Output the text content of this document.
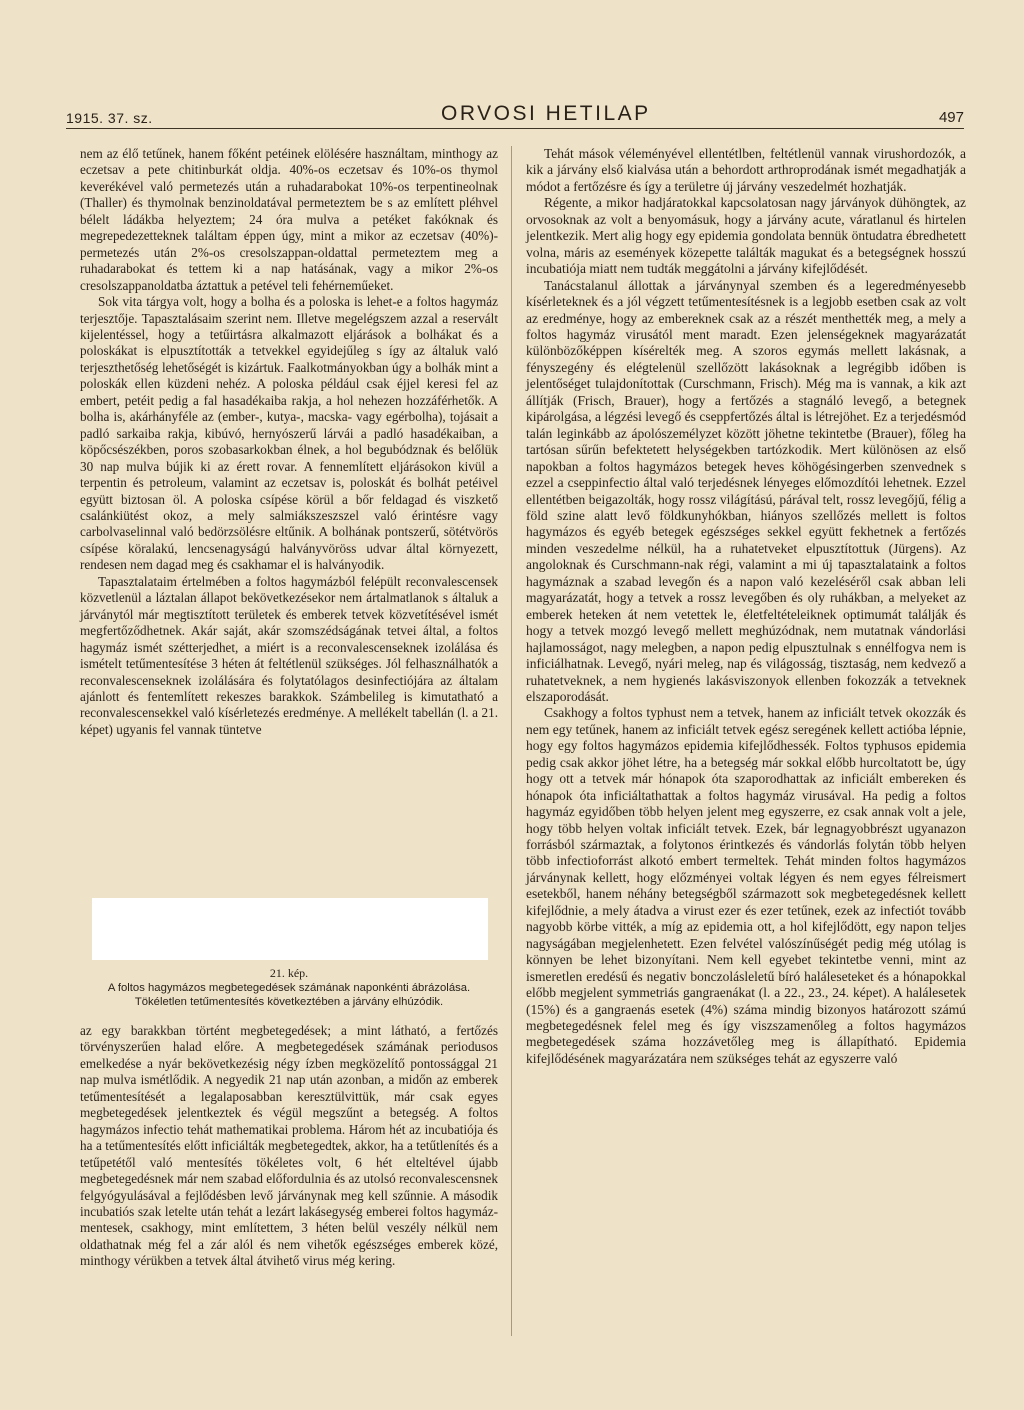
1915. 37. sz.	ORVOSI HETILAP	497

nem az élő tetűnek, hanem főként petéinek elölésére használtam, minthogy az eczetsav a pete chitinburkát oldja. 40%-os eczetsav és 10%-os thymol keverékével való permetezés után a ruhadarabokat 10%-os terpentineolnak (Thaller) és thymolnak benzinoldatával permeteztem be s az említett pléhvel bélelt ládákba helyeztem; 24 óra mulva a petéket fakóknak és megrepedezetteknek találtam éppen úgy, mint a mikor az eczetsav (40%)-permetezés után 2%-os cresolszappan-oldattal permeteztem meg a ruhadarabokat és tettem ki a nap hatásának, vagy a mikor 2%-os cresolszappanoldatba áztattuk a petével teli fehérneműeket.

Sok vita tárgya volt, hogy a bolha és a poloska is lehet-e a foltos hagymáz terjesztője. Tapasztalásaim szerint nem. Illetve megelégszem azzal a reservált kijelentéssel, hogy a tetűirtásra alkalmazott eljárások a bolhákat és a poloskákat is elpusztították a tetvekkel egyidejűleg s így az általuk való terjeszthetőség lehetőségét is kizártuk. Faalkotmányokban úgy a bolhák mint a poloskák ellen küzdeni nehéz. A poloska például csak éjjel keresi fel az embert, petéit pedig a fal hasadékaiba rakja, a hol nehezen hozzáférhetők. A bolha is, akárhányféle az (ember-, kutya-, macska- vagy egérbolha), tojásait a padló sarkaiba rakja, kibúvó, hernyószerű lárvái a padló hasadékaiban, a köpőcsészékben, poros szobasarkokban élnek, a hol begubódznak és belőlük 30 nap mulva bújik ki az érett rovar. A fennemlített eljárásokon kivül a terpentin és petroleum, valamint az eczetsav is, poloskát és bolhát petéivel együtt biztosan öl. A poloska csípése körül a bőr feldagad és viszkető csalánkiütést okoz, a mely salmiákszeszszel való érintésre vagy carbolvaselinnal való bedörzsölésre eltűnik. A bolhának pontszerű, sötétvörös csípése köralakú, lencsenagyságú halványvöröss udvar által környezett, rendesen nem dagad meg és csakhamar el is halványodik.

Tapasztalataim értelmében a foltos hagymázból felépült reconvalescensek közvetlenül a láztalan állapot bekövetkezésekor nem ártalmatlanok s általuk a járványtól már megtisztított területek és emberek tetvek közvetítésével ismét megfertőződhetnek. Akár saját, akár szomszédságának tetvei által, a foltos hagymáz ismét szétterjedhet, a miért is a reconvalescenseknek izolálása és ismételt tetűmentesítése 3 héten át feltétlenül szükséges. Jól felhasználhatók a reconvalescenseknek izolálására és folytatólagos desinfectiójára az általam ajánlott és fentemlített rekeszes barakkok. Számbelileg is kimutatható a reconvalescensekkel való kísérletezés eredménye. A mellékelt tabellán (l. a 21. képet) ugyanis fel vannak tüntetve

21. kép.
A foltos hagymázos megbetegedések számának naponkénti ábrázolása.
Tökéletlen tetűmentesítés következtében a járvány elhúzódik.

az egy barakkban történt megbetegedések; a mint látható, a fertőzés törvényszerűen halad előre. A megbetegedések számának periodusos emelkedése a nyár bekövetkezésig négy ízben megközelítő pontossággal 21 nap mulva ismétlődik. A negyedik 21 nap után azonban, a midőn az emberek tetűmentesítését a legalaposabban keresztülvittük, már csak egyes megbetegedések jelentkeztek és végül megszűnt a betegség. A foltos hagymázos infectio tehát mathematikai problema. Három hét az incubatiója és ha a tetűmentesítés előtt inficiálták megbetegedtek, akkor, ha a tetűtlenítés és a tetűpetétől való mentesítés tökéletes volt, 6 hét elteltével újabb megbetegedésnek már nem szabad előfordulnia és az utolsó reconvalescensnek felgyógyulásával a fejlődésben levő járványnak meg kell szűnnie. A második incubatiós szak letelte után tehát a lezárt lakásegység emberei foltos hagymáz-mentesek, csakhogy, mint említettem, 3 héten belül veszély nélkül nem oldathatnak még fel a zár alól és nem vihetők egészséges emberek közé, minthogy vérükben a tetvek által átvihető virus még kering.

Tehát mások véleményével ellentétlben, feltétlenül vannak virushordozók, a kik a járvány első kialvása után a behordott arthroprodának ismét megadhatják a módot a fertőzésre és így a területre új járvány veszedelmét hozhatják.

Régente, a mikor hadjáratokkal kapcsolatosan nagy járványok dühöngtek, az orvosoknak az volt a benyomásuk, hogy a járvány acute, váratlanul és hirtelen jelentkezik. Mert alig hogy egy epidemia gondolata bennük öntudatra ébredhetett volna, máris az események közepette találták magukat és a betegségnek hosszú incubatiója miatt nem tudták meggátolni a járvány kifejlődését.

Tanácstalanul állottak a járványnyal szemben és a legeredményesebb kísérleteknek és a jól végzett tetűmentesítésnek is a legjobb esetben csak az volt az eredménye, hogy az embereknek csak az a részét menthették meg, a mely a foltos hagymáz virusától ment maradt. Ezen jelenségeknek magyarázatát különbözőképpen kísérelték meg. A szoros egymás mellett lakásnak, a fényszegény és elégtelenül szellőzött lakásoknak a legrégibb időben is jelentőséget tulajdonítottak (Curschmann, Frisch). Még ma is vannak, a kik azt állítják (Frisch, Brauer), hogy a fertőzés a stagnáló levegő, a betegnek kipárolgása, a légzési levegő és cseppfertőzés által is létrejöhet. Ez a terjedésmód talán leginkább az ápolószemélyzet között jöhetne tekintetbe (Brauer), főleg ha tartósan sűrűn befektetett helységekben tartózkodik. Mert különösen az első napokban a foltos hagymázos betegek heves köhögésingerben szenvednek s ezzel a cseppinfectio által való terjedésnek lényeges előmozdítói lehetnek. Ezzel ellentétben beigazolták, hogy rossz világítású, párával telt, rossz levegőjű, félig a föld szine alatt levő földkunyhókban, hiányos szellőzés mellett is foltos hagymázos és egyéb betegek egészséges sekkel együtt fekhetnek a fertőzés minden veszedelme nélkül, ha a ruhatetveket elpusztítottuk (Jürgens). Az angoloknak és Curschmann-nak régi, valamint a mi új tapasztalataink a foltos hagymáznak a szabad levegőn és a napon való kezeléséről csak abban leli magyarázatát, hogy a tetvek a rossz levegőben és oly ruhákban, a melyeket az emberek heteken át nem vetettek le, életfeltételeiknek optimumát találják és hogy a tetvek mozgó levegő mellett meghúzódnak, nem mutatnak vándorlási hajlamosságot, nagy melegben, a napon pedig elpusztulnak s ennélfogva nem is inficiálhatnak. Levegő, nyári meleg, nap és világosság, tisztaság, nem kedvező a ruhatetveknek, a nem hygienés lakásviszonyok ellenben fokozzák a tetveknek elszaporodását.

Csakhogy a foltos typhust nem a tetvek, hanem az inficiált tetvek okozzák és nem egy tetűnek, hanem az inficiált tetvek egész seregének kellett actióba lépnie, hogy egy foltos hagymázos epidemia kifejlődhessék. Foltos typhusos epidemia pedig csak akkor jöhet létre, ha a betegség már sokkal előbb hurcoltatott be, úgy hogy ott a tetvek már hónapok óta szaporodhattak az inficiált embereken és hónapok óta inficiáltathattak a foltos hagymáz virusával. Ha pedig a foltos hagymáz egyidőben több helyen jelent meg egyszerre, ez csak annak volt a jele, hogy több helyen voltak inficiált tetvek. Ezek, bár legnagyobbrészt ugyanazon forrásból származtak, a folytonos érintkezés és vándorlás folytán több helyen több infectioforrást alkotó embert termeltek. Tehát minden foltos hagymázos járványnak kellett, hogy előzményei voltak légyen és nem egyes félreismert esetekből, hanem néhány betegségből származott sok megbetegedésnek kellett kifejlődnie, a mely átadva a virust ezer és ezer tetűnek, ezek az infectiót tovább nagyobb körbe vitték, a míg az epidemia ott, a hol kifejlődött, egy napon teljes nagyságában megjelenhetett. Ezen felvétel valószínűségét pedig még utólag is könnyen be lehet bizonyítani. Nem kell egyebet tekintetbe venni, mint az ismeretlen eredésű és negativ bonczolásleletű bíró haláleseteket és a hónapokkal előbb megjelent symmetriás gangraenákat (l. a 22., 23., 24. képet). A halálesetek (15%) és a gangraenás esetek (4%) száma mindig bizonyos határozott számú megbetegedésnek felel meg és így viszszamenőleg a foltos hagymázos megbetegedések száma hozzávetőleg meg is állapítható. Epidemia kifejlődésének magyarázatára nem szükséges tehát az egyszerre való
